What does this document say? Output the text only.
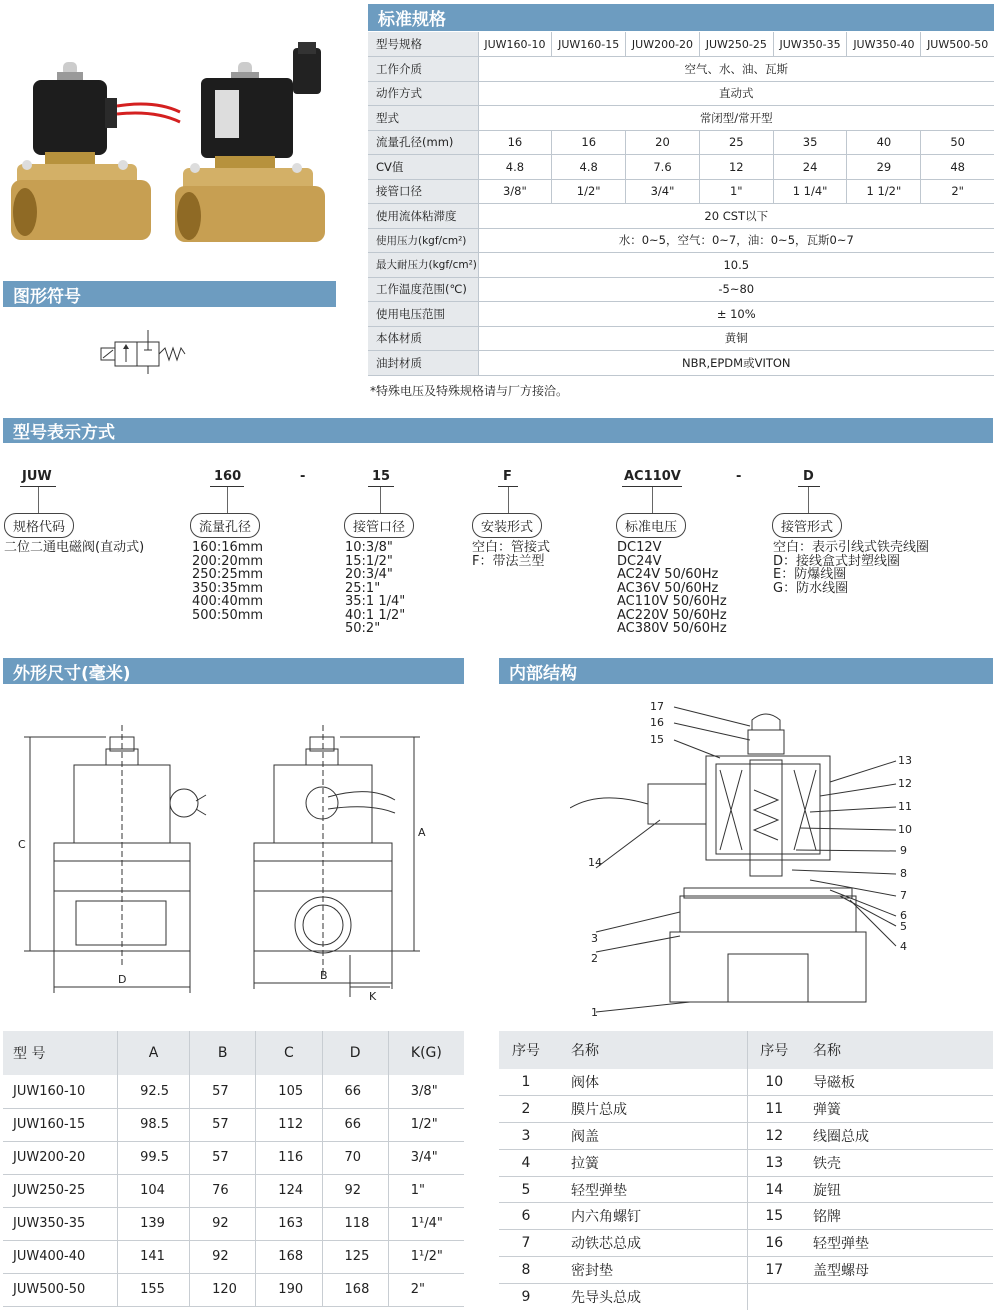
标准规格
型号规格	JUW160-10	JUW160-15	JUW200-20	JUW250-25	JUW350-35	JUW350-40	JUW500-50
工作介质	空气、水、油、瓦斯						
动作方式	直动式						
型式	常闭型/常开型						
流量孔径(mm)	16	16	20	25	35	40	50
CV值	4.8	4.8	7.6	12	24	29	48
接管口径	3/8"	1/2"	3/4"	1"	1 1/4"	1 1/2"	2"
使用流体粘滞度	20 CST以下						
使用压力(kgf/cm²)	水：0~5，空气：0~7，油：0~5，瓦斯0~7						
最大耐压力(kgf/cm²)	10.5						
工作温度范围(℃)	-5~80						
使用电压范围	± 10%						
本体材质	黄铜						
油封材质	NBR,EPDM或VITON						
*特殊电压及特殊规格请与厂方接洽。
图形符号
型号表示方式
JUW	160	-	15	F	AC110V	-	D
规格代码	流量孔径	接管口径	安装形式	标准电压	接管形式
二位二通电磁阀(直动式)	160:16mm
200:20mm
250:25mm
350:35mm
400:40mm
500:50mm
10:3/8"
15:1/2"
20:3/4"
25:1"
35:1 1/4"
40:1 1/2"
50:2"
空白：管接式
F：带法兰型
DC12V
DC24V
AC24V 50/60Hz
AC36V 50/60Hz
AC110V 50/60Hz
AC220V 50/60Hz
AC380V 50/60Hz
空白：表示引线式铁壳线圈
D：接线盒式封塑线圈
E：防爆线圈
G：防水线圈
外形尺寸(毫米)	内部结构
C
D
A
B
K
17
16
15
14
3
2
1
13
12
11
10
9
8
7
6
5
4
型 号	A	B	C	D	K(G)
JUW160-10	92.5	57	105	66	3/8"
JUW160-15	98.5	57	112	66	1/2"
JUW200-20	99.5	57	116	70	3/4"
JUW250-25	104	76	124	92	1"
JUW350-35	139	92	163	118	1¹/4"
JUW400-40	141	92	168	125	1¹/2"
JUW500-50	155	120	190	168	2"
序号	名称	序号	名称
1	阀体	10	导磁板
2	膜片总成	11	弹簧
3	阀盖	12	线圈总成
4	拉簧	13	铁壳
5	轻型弹垫	14	旋钮
6	内六角螺钉	15	铭牌
7	动铁芯总成	16	轻型弹垫
8	密封垫	17	盖型螺母
9	先导头总成		
